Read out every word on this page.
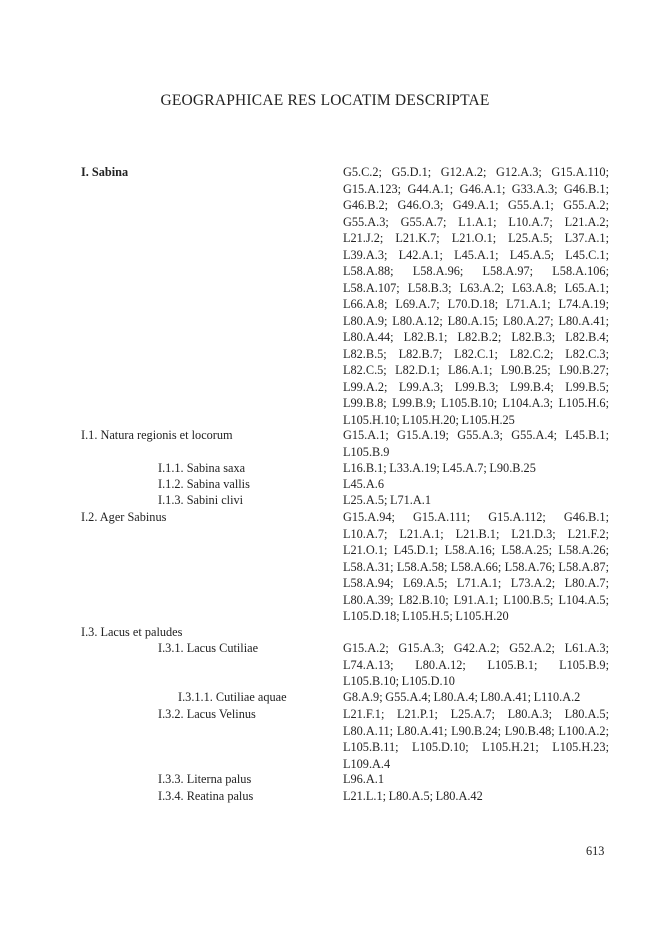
GEOGRAPHICAE RES LOCATIM DESCRIPTAE
I. Sabina	G5.C.2; G5.D.1; G12.A.2; G12.A.3; G15.A.110; G15.A.123; G44.A.1; G46.A.1; G33.A.3; G46.B.1; G46.B.2; G46.O.3; G49.A.1; G55.A.1; G55.A.2; G55.A.3; G55.A.7; L1.A.1; L10.A.7; L21.A.2; L21.J.2; L21.K.7; L21.O.1; L25.A.5; L37.A.1; L39.A.3; L42.A.1; L45.A.1; L45.A.5; L45.C.1; L58.A.88; L58.A.96; L58.A.97; L58.A.106; L58.A.107; L58.B.3; L63.A.2; L63.A.8; L65.A.1; L66.A.8; L69.A.7; L70.D.18; L71.A.1; L74.A.19; L80.A.9; L80.A.12; L80.A.15; L80.A.27; L80.A.41; L80.A.44; L82.B.1; L82.B.2; L82.B.3; L82.B.4; L82.B.5; L82.B.7; L82.C.1; L82.C.2; L82.C.3; L82.C.5; L82.D.1; L86.A.1; L90.B.25; L90.B.27; L99.A.2; L99.A.3; L99.B.3; L99.B.4; L99.B.5; L99.B.8; L99.B.9; L105.B.10; L104.A.3; L105.H.6; L105.H.10; L105.H.20; L105.H.25
I.1. Natura regionis et locorum	G15.A.1; G15.A.19; G55.A.3; G55.A.4; L45.B.1; L105.B.9
I.1.1. Sabina saxa	L16.B.1; L33.A.19; L45.A.7; L90.B.25
I.1.2. Sabina vallis	L45.A.6
I.1.3. Sabini clivi	L25.A.5; L71.A.1
I.2. Ager Sabinus	G15.A.94; G15.A.111; G15.A.112; G46.B.1; L10.A.7; L21.A.1; L21.B.1; L21.D.3; L21.F.2; L21.O.1; L45.D.1; L58.A.16; L58.A.25; L58.A.26; L58.A.31; L58.A.58; L58.A.66; L58.A.76; L58.A.87; L58.A.94; L69.A.5; L71.A.1; L73.A.2; L80.A.7; L80.A.39; L82.B.10; L91.A.1; L100.B.5; L104.A.5; L105.D.18; L105.H.5; L105.H.20
I.3. Lacus et paludes
I.3.1. Lacus Cutiliae	G15.A.2; G15.A.3; G42.A.2; G52.A.2; L61.A.3; L74.A.13; L80.A.12; L105.B.1; L105.B.9; L105.B.10; L105.D.10
I.3.1.1. Cutiliae aquae	G8.A.9; G55.A.4; L80.A.4; L80.A.41; L110.A.2
I.3.2. Lacus Velinus	L21.F.1; L21.P.1; L25.A.7; L80.A.3; L80.A.5; L80.A.11; L80.A.41; L90.B.24; L90.B.48; L100.A.2; L105.B.11; L105.D.10; L105.H.21; L105.H.23; L109.A.4
I.3.3. Literna palus	L96.A.1
I.3.4. Reatina palus	L21.L.1; L80.A.5; L80.A.42
613
